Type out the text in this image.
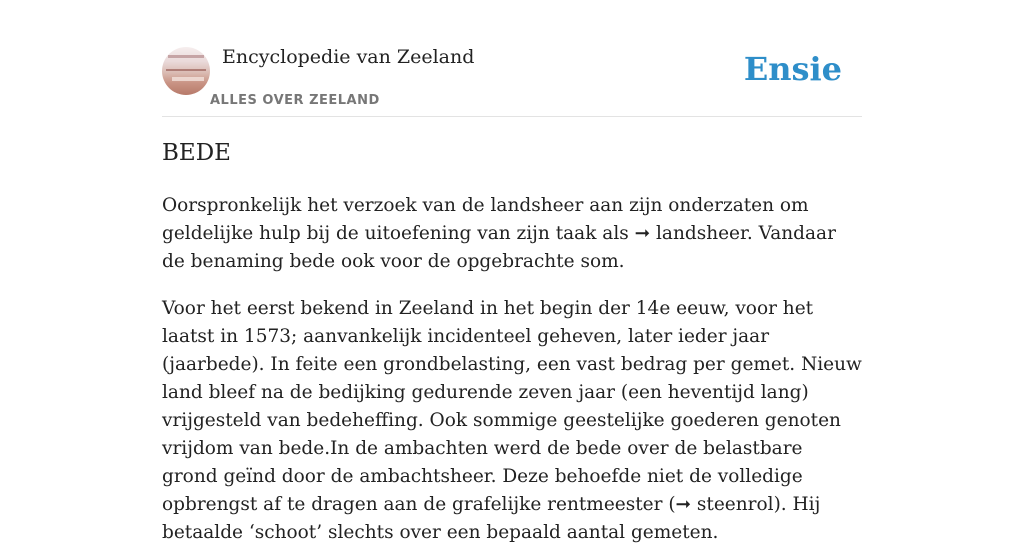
Encyclopedie van Zeeland
ALLES OVER ZEELAND
Ensie
BEDE

Oorspronkelijk het verzoek van de landsheer aan zijn onderzaten om geldelijke hulp bij de uitoefening van zijn taak als ➞ landsheer. Vandaar de benaming bede ook voor de opgebrachte som.

Voor het eerst bekend in Zeeland in het begin der 14e eeuw, voor het laatst in 1573; aanvankelijk incidenteel geheven, later ieder jaar (jaarbede). In feite een grondbelasting, een vast bedrag per gemet. Nieuw land bleef na de bedijking gedurende zeven jaar (een heventijd lang) vrijgesteld van bedeheffing. Ook sommige geestelijke goederen genoten vrijdom van bede.In de ambachten werd de bede over de belastbare grond geïnd door de ambachtsheer. Deze behoefde niet de volledige opbrengst af te dragen aan de grafelijke rentmeester (➞ steenrol). Hij betaalde ‘schoot’ slechts over een bepaald aantal gemeten.
